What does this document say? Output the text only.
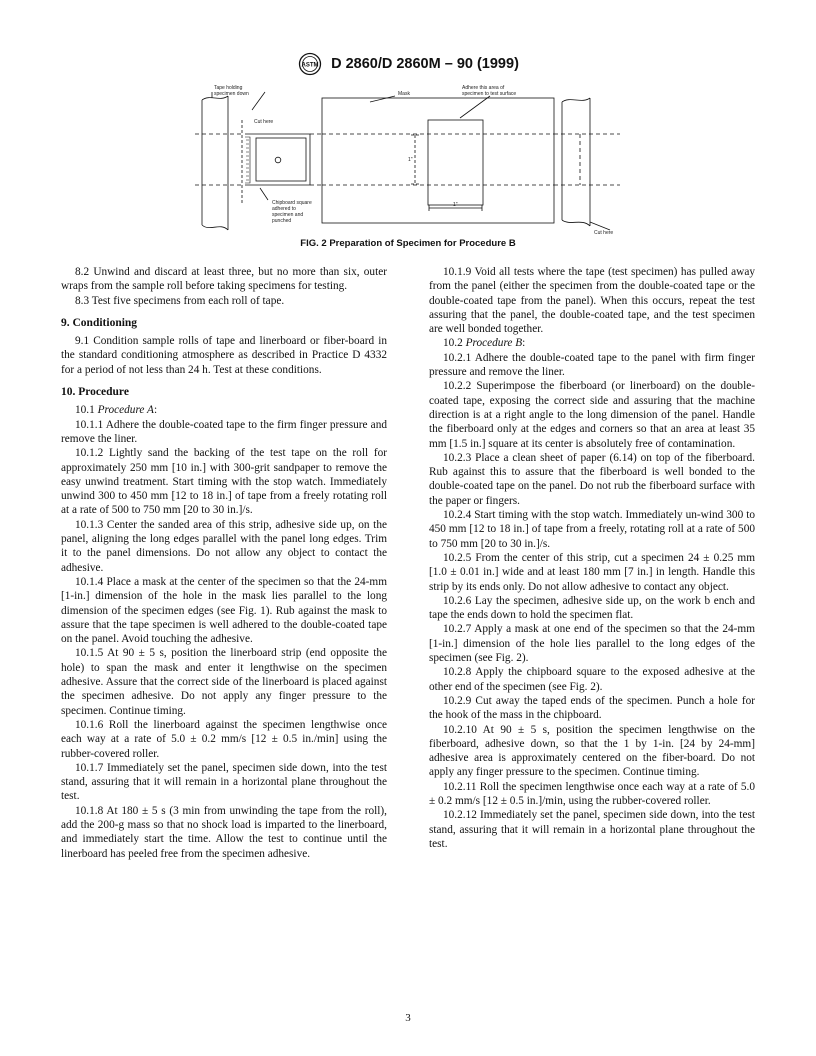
ASTM D 2860/D 2860M – 90 (1999)
Tape holding
specimen down
Cut here
Mask
Adhere this area of
specimen to test surface
Chipboard square
adhered to
specimen and
punched
1"
1"
Cut here
FIG. 2 Preparation of Specimen for Procedure B

8.2 Unwind and discard at least three, but no more than six, outer wraps from the sample roll before taking specimens for testing.

8.3 Test five specimens from each roll of tape.

9. Conditioning

9.1 Condition sample rolls of tape and linerboard or fiber-board in the standard conditioning atmosphere as described in Practice D 4332 for a period of not less than 24 h. Test at these conditions.

10. Procedure

10.1 Procedure A:

10.1.1 Adhere the double-coated tape to the firm finger pressure and remove the liner.

10.1.2 Lightly sand the backing of the test tape on the roll for approximately 250 mm [10 in.] with 300-grit sandpaper to remove the easy unwind treatment. Start timing with the stop watch. Immediately unwind 300 to 450 mm [12 to 18 in.] of tape from a freely rotating roll at a rate of 500 to 750 mm [20 to 30 in.]/s.

10.1.3 Center the sanded area of this strip, adhesive side up, on the panel, aligning the long edges parallel with the panel long edges. Trim it to the panel dimensions. Do not allow any object to contact the adhesive.

10.1.4 Place a mask at the center of the specimen so that the 24-mm [1-in.] dimension of the hole in the mask lies parallel to the long dimension of the specimen edges (see Fig. 1). Rub against the mask to assure that the tape specimen is well adhered to the double-coated tape on the panel. Avoid touching the adhesive.

10.1.5 At 90 ± 5 s, position the linerboard strip (end opposite the hole) to span the mask and enter it lengthwise on the specimen adhesive. Assure that the correct side of the linerboard is placed against the specimen adhesive. Do not apply any finger pressure to the specimen. Continue timing.

10.1.6 Roll the linerboard against the specimen lengthwise once each way at a rate of 5.0 ± 0.2 mm/s [12 ± 0.5 in./min] using the rubber-covered roller.

10.1.7 Immediately set the panel, specimen side down, into the test stand, assuring that it will remain in a horizontal plane throughout the test.

10.1.8 At 180 ± 5 s (3 min from unwinding the tape from the roll), add the 200-g mass so that no shock load is imparted to the linerboard, and immediately start the time. Allow the test to continue until the linerboard has peeled free from the specimen adhesive.

10.1.9 Void all tests where the tape (test specimen) has pulled away from the panel (either the specimen from the double-coated tape or the double-coated tape from the panel). When this occurs, repeat the test assuring that the panel, the double-coated tape, and the test specimen are well bonded together.

10.2 Procedure B:

10.2.1 Adhere the double-coated tape to the panel with firm finger pressure and remove the liner.

10.2.2 Superimpose the fiberboard (or linerboard) on the double-coated tape, exposing the correct side and assuring that the machine direction is at a right angle to the long dimension of the panel. Handle the fiberboard only at the edges and corners so that an area at least 35 mm [1.5 in.] square at its center is absolutely free of contamination.

10.2.3 Place a clean sheet of paper (6.14) on top of the fiberboard. Rub against this to assure that the fiberboard is well bonded to the double-coated tape on the panel. Do not rub the fiberboard surface with the paper or fingers.

10.2.4 Start timing with the stop watch. Immediately un-wind 300 to 450 mm [12 to 18 in.] of tape from a freely, rotating roll at a rate of 500 to 750 mm [20 to 30 in.]/s.

10.2.5 From the center of this strip, cut a specimen 24 ± 0.25 mm [1.0 ± 0.01 in.] wide and at least 180 mm [7 in.] in length. Handle this strip by its ends only. Do not allow adhesive to contact any object.

10.2.6 Lay the specimen, adhesive side up, on the work b ench and tape the ends down to hold the specimen flat.

10.2.7 Apply a mask at one end of the specimen so that the 24-mm [1-in.] dimension of the hole lies parallel to the long edges of the specimen (see Fig. 2).

10.2.8 Apply the chipboard square to the exposed adhesive at the other end of the specimen (see Fig. 2).

10.2.9 Cut away the taped ends of the specimen. Punch a hole for the hook of the mass in the chipboard.

10.2.10 At 90 ± 5 s, position the specimen lengthwise on the fiberboard, adhesive down, so that the 1 by 1-in. [24 by 24-mm] adhesive area is approximately centered on the fiber-board. Do not apply any finger pressure to the specimen. Continue timing.

10.2.11 Roll the specimen lengthwise once each way at a rate of 5.0 ± 0.2 mm/s [12 ± 0.5 in.]/min, using the rubber-covered roller.

10.2.12 Immediately set the panel, specimen side down, into the test stand, assuring that it will remain in a horizontal plane throughout the test.

3
